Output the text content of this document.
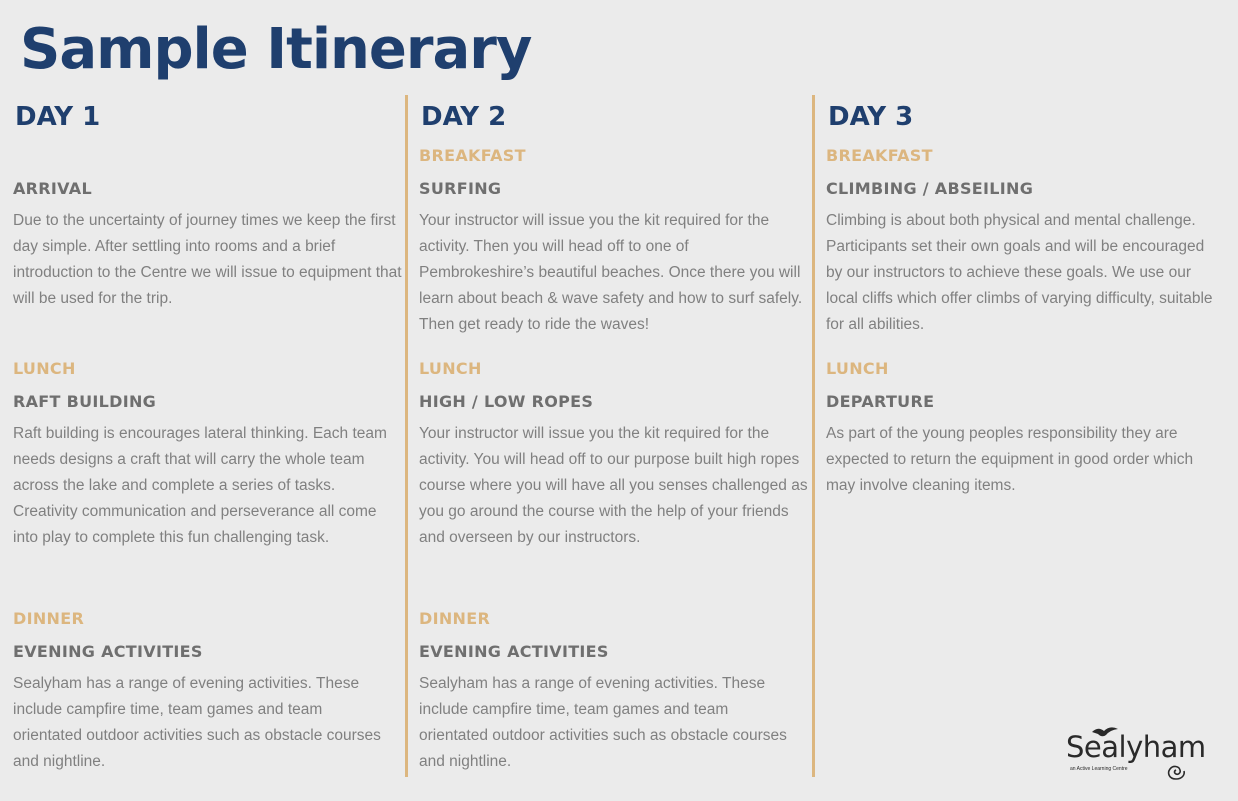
Sample Itinerary
DAY 1
ARRIVAL
Due to the uncertainty of journey times we keep the first day simple. After settling into rooms and a brief introduction to the Centre we will issue to equipment that will be used for the trip.
LUNCH
RAFT BUILDING
Raft building is encourages lateral thinking. Each team needs designs a craft that will carry the whole team across the lake and complete a series of tasks. Creativity communication and perseverance all come into play to complete this fun challenging task.
DINNER
EVENING ACTIVITIES
Sealyham has a range of evening activities. These include campfire time, team games and team orientated outdoor activities such as obstacle courses and nightline.
DAY 2
BREAKFAST
SURFING
Your instructor will issue you the kit required for the activity. Then you will head off to one of Pembrokeshire’s beautiful beaches. Once there you will learn about beach & wave safety and how to surf safely. Then get ready to ride the waves!
LUNCH
HIGH / LOW ROPES
Your instructor will issue you the kit required for the activity. You will head off to our purpose built high ropes course where you will have all you senses challenged as you go around the course with the help of your friends and overseen by our instructors.
DINNER
EVENING ACTIVITIES
Sealyham has a range of evening activities. These include campfire time, team games and team orientated outdoor activities such as obstacle courses and nightline.
DAY 3
BREAKFAST
CLIMBING / ABSEILING
Climbing is about both physical and mental challenge. Participants set their own goals and will be encouraged by our instructors to achieve these goals. We use our local cliffs which offer climbs of varying difficulty, suitable for all abilities.
LUNCH
DEPARTURE
As part of the young peoples responsibility they are expected to return the equipment in good order which may involve cleaning items.
Sealyham
an Active Learning Centre
